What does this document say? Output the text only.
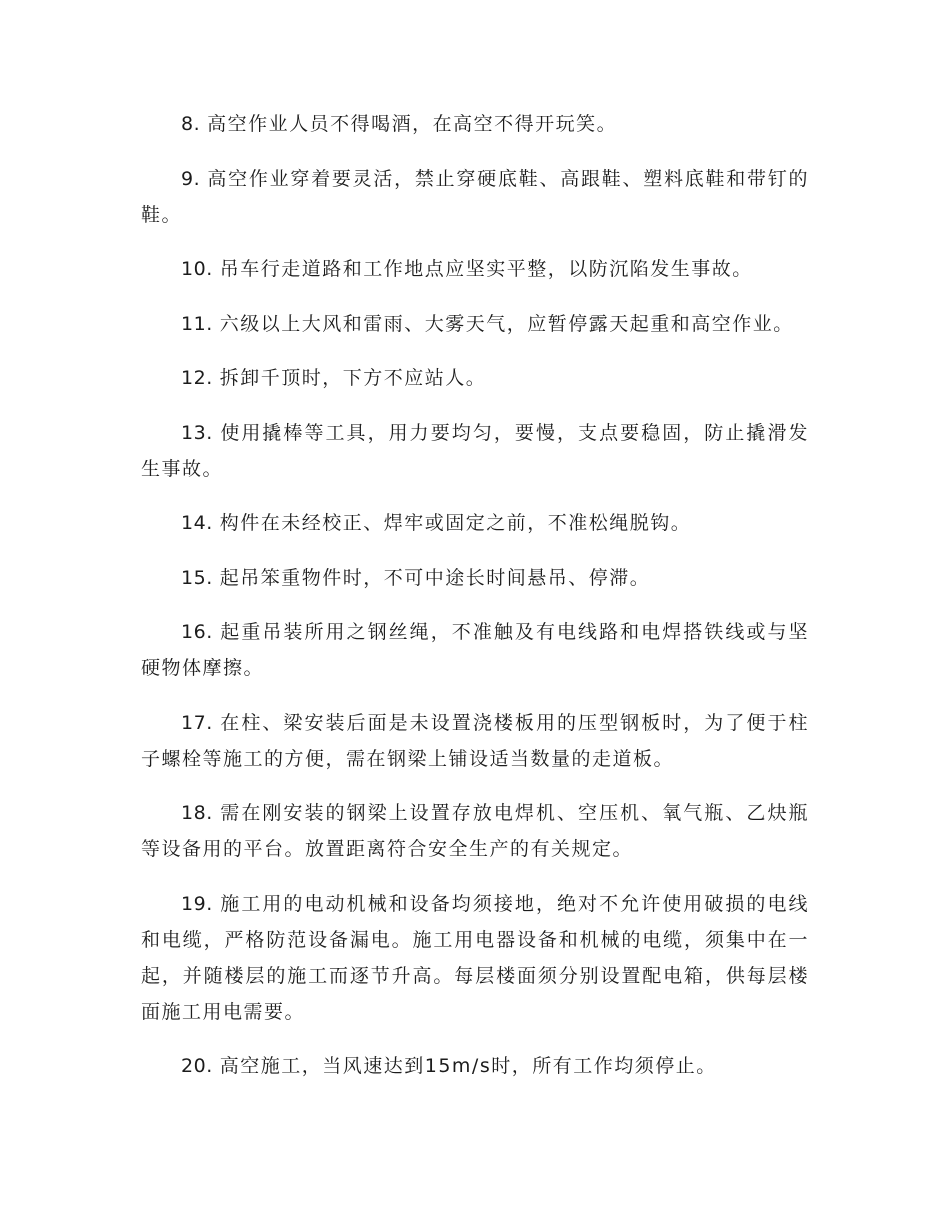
8. 高空作业人员不得喝酒，在高空不得开玩笑。

9. 高空作业穿着要灵活，禁止穿硬底鞋、高跟鞋、塑料底鞋和带钉的鞋。

10. 吊车行走道路和工作地点应坚实平整，以防沉陷发生事故。

11. 六级以上大风和雷雨、大雾天气，应暂停露天起重和高空作业。

12. 拆卸千顶时，下方不应站人。

13. 使用撬棒等工具，用力要均匀，要慢，支点要稳固，防止撬滑发生事故。

14. 构件在未经校正、焊牢或固定之前，不准松绳脱钩。

15. 起吊笨重物件时，不可中途长时间悬吊、停滞。

16. 起重吊装所用之钢丝绳，不准触及有电线路和电焊搭铁线或与坚硬物体摩擦。

17. 在柱、梁安装后面是未设置浇楼板用的压型钢板时，为了便于柱子螺栓等施工的方便，需在钢梁上铺设适当数量的走道板。

18. 需在刚安装的钢梁上设置存放电焊机、空压机、氧气瓶、乙炔瓶等设备用的平台。放置距离符合安全生产的有关规定。

19. 施工用的电动机械和设备均须接地，绝对不允许使用破损的电线和电缆，严格防范设备漏电。施工用电器设备和机械的电缆，须集中在一起，并随楼层的施工而逐节升高。每层楼面须分别设置配电箱，供每层楼面施工用电需要。

20. 高空施工，当风速达到15m/s时，所有工作均须停止。
